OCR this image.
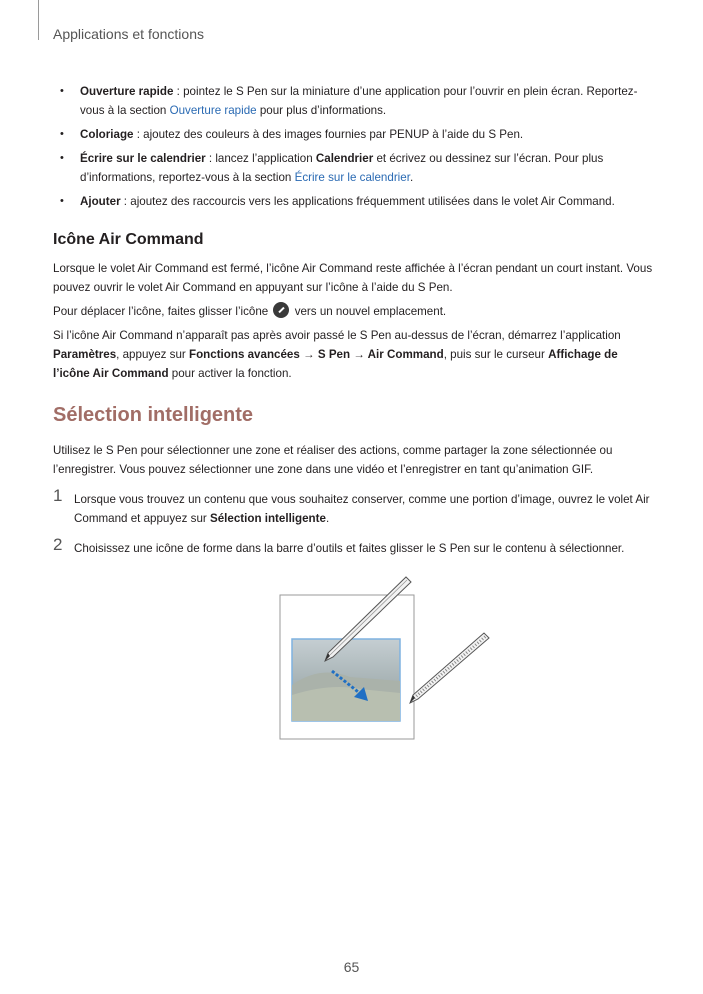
Applications et fonctions
• Ouverture rapide : pointez le S Pen sur la miniature d’une application pour l’ouvrir en plein écran. Reportez-vous à la section Ouverture rapide pour plus d’informations.
• Coloriage : ajoutez des couleurs à des images fournies par PENUP à l’aide du S Pen.
• Écrire sur le calendrier : lancez l’application Calendrier et écrivez ou dessinez sur l’écran. Pour plus d’informations, reportez-vous à la section Écrire sur le calendrier.
• Ajouter : ajoutez des raccourcis vers les applications fréquemment utilisées dans le volet Air Command.
Icône Air Command

Lorsque le volet Air Command est fermé, l’icône Air Command reste affichée à l’écran pendant un court instant. Vous pouvez ouvrir le volet Air Command en appuyant sur l’icône à l’aide du S Pen.

Pour déplacer l’icône, faites glisser l’icône  vers un nouvel emplacement.

Si l’icône Air Command n’apparaît pas après avoir passé le S Pen au-dessus de l’écran, démarrez l’application Paramètres, appuyez sur Fonctions avancées → S Pen → Air Command, puis sur le curseur Affichage de l’icône Air Command pour activer la fonction.

Sélection intelligente

Utilisez le S Pen pour sélectionner une zone et réaliser des actions, comme partager la zone sélectionnée ou l’enregistrer. Vous pouvez sélectionner une zone dans une vidéo et l’enregistrer en tant qu’animation GIF.

1 Lorsque vous trouvez un contenu que vous souhaitez conserver, comme une portion d’image, ouvrez le volet Air Command et appuyez sur Sélection intelligente.
2 Choisissez une icône de forme dans la barre d’outils et faites glisser le S Pen sur le contenu à sélectionner.
65
